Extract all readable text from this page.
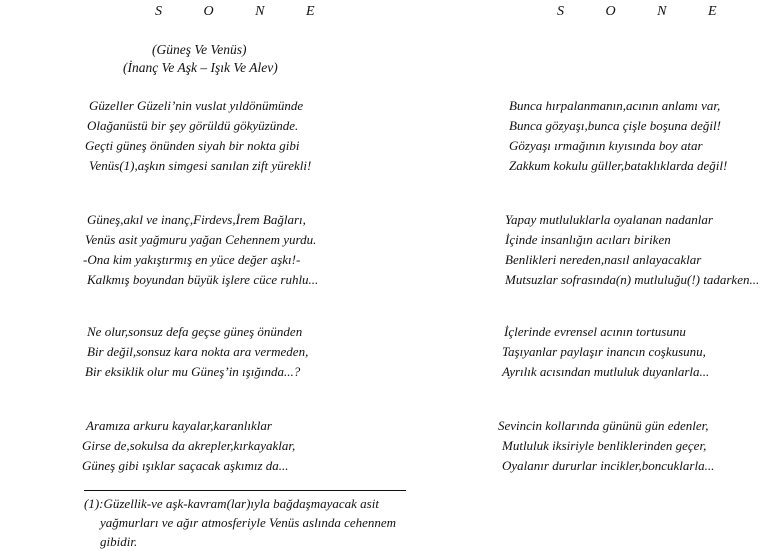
S O N E
(Güneş Ve Venüs)
(İnanç Ve Aşk – Işık Ve Alev)
Güzeller Güzeli’nin vuslat yıldönümünde
Olağanüstü bir şey görüldü gökyüzünde.
Geçti güneş önünden siyah bir nokta gibi
Venüs(1),aşkın simgesi sanılan zift yürekli!
Güneş,akıl ve inanç,Firdevs,İrem Bağları,
Venüs asit yağmuru yağan Cehennem yurdu.
-Ona kim yakıştırmış en yüce değer aşkı!-
Kalkmış boyundan büyük işlere cüce ruhlu...
Ne olur,sonsuz defa geçse güneş önünden
Bir değil,sonsuz kara nokta ara vermeden,
Bir eksiklik olur mu Güneş’in ışığında...?
Aramıza arkuru kayalar,karanlıklar
Girse de,sokulsa da akrepler,kırkayaklar,
Güneş gibi ışıklar saçacak aşkımız da...
(1):Güzellik-ve aşk-kavram(lar)ıyla bağdaşmayacak asit
yağmurları ve ağır atmosferiyle Venüs aslında cehennem
gibidir.
S O N E
Bunca hırpalanmanın,acının anlamı var,
Bunca gözyaşı,bunca çişle boşuna değil!
Gözyaşı ırmağının kıyısında boy atar
Zakkum kokulu güller,bataklıklarda değil!
Yapay mutluluklarla oyalanan nadanlar
İçinde insanlığın acıları biriken
Benlikleri nereden,nasıl anlayacaklar
Mutsuzlar sofrasında(n) mutluluğu(!) tadarken...
İçlerinde evrensel acının tortusunu
Taşıyanlar paylaşır inancın coşkusunu,
Ayrılık acısından mutluluk duyanlarla...
Sevincin kollarında gününü gün edenler,
Mutluluk iksiriyle benliklerinden geçer,
Oyalanır dururlar incikler,boncuklarla...
